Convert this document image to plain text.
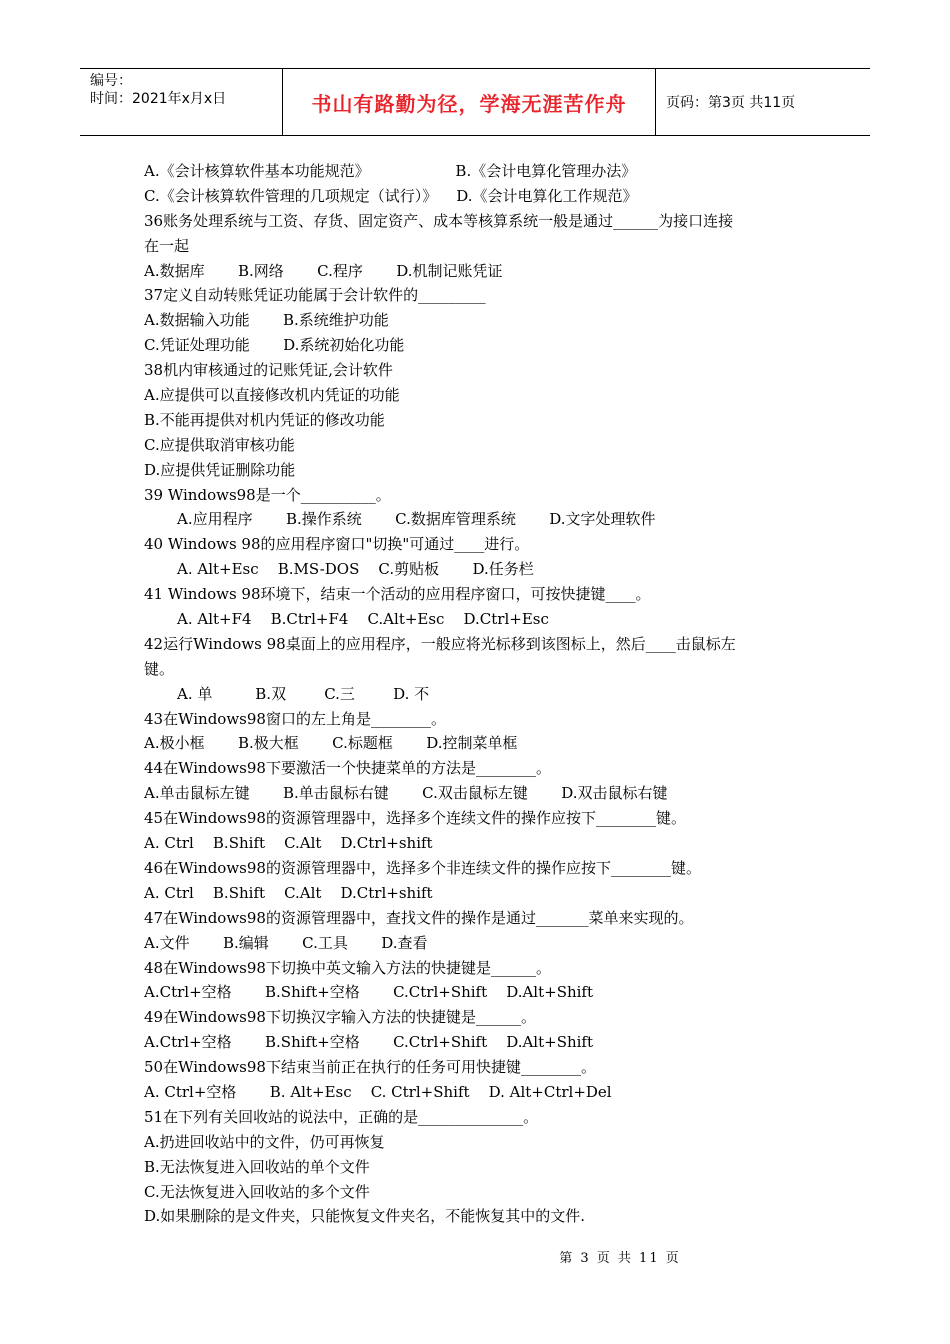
编号：
时间：2021年x月x日	书山有路勤为径，学海无涯苦作舟	页码：第3页 共11页
A.《会计核算软件基本功能规范》                  B.《会计电算化管理办法》
C.《会计核算软件管理的几项规定（试行）》    D.《会计电算化工作规范》
36账务处理系统与工资、存货、固定资产、成本等核算系统一般是通过______为接口连接
在一起
A.数据库       B.网络       C.程序       D.机制记账凭证
37定义自动转账凭证功能属于会计软件的_________
A.数据输入功能       B.系统维护功能
C.凭证处理功能       D.系统初始化功能
38机内审核通过的记账凭证,会计软件
A.应提供可以直接修改机内凭证的功能
B.不能再提供对机内凭证的修改功能
C.应提供取消审核功能
D.应提供凭证删除功能
39 Windows98是一个__________。
A.应用程序       B.操作系统       C.数据库管理系统       D.文字处理软件
40 Windows 98的应用程序窗口"切换"可通过____进行。
A. Alt+Esc    B.MS-DOS    C.剪贴板       D.任务栏
41 Windows 98环境下，结束一个活动的应用程序窗口，可按快捷键____。
A. Alt+F4    B.Ctrl+F4    C.Alt+Esc    D.Ctrl+Esc
42运行Windows 98桌面上的应用程序，一般应将光标移到该图标上，然后____击鼠标左
键。
A. 单         B.双        C.三        D. 不
43在Windows98窗口的左上角是________。
A.极小框       B.极大框       C.标题框       D.控制菜单框
44在Windows98下要激活一个快捷菜单的方法是________。
A.单击鼠标左键       B.单击鼠标右键       C.双击鼠标左键       D.双击鼠标右键
45在Windows98的资源管理器中，选择多个连续文件的操作应按下________键。
A. Ctrl    B.Shift    C.Alt    D.Ctrl+shift
46在Windows98的资源管理器中，选择多个非连续文件的操作应按下________键。
A. Ctrl    B.Shift    C.Alt    D.Ctrl+shift
47在Windows98的资源管理器中，查找文件的操作是通过_______菜单来实现的。
A.文件       B.编辑       C.工具       D.查看
48在Windows98下切换中英文输入方法的快捷键是______。
A.Ctrl+空格       B.Shift+空格       C.Ctrl+Shift    D.Alt+Shift
49在Windows98下切换汉字输入方法的快捷键是______。
A.Ctrl+空格       B.Shift+空格       C.Ctrl+Shift    D.Alt+Shift
50在Windows98下结束当前正在执行的任务可用快捷键________。
A. Ctrl+空格       B. Alt+Esc    C. Ctrl+Shift    D. Alt+Ctrl+Del
51在下列有关回收站的说法中，正确的是______________。
A.扔进回收站中的文件，仍可再恢复
B.无法恢复进入回收站的单个文件
C.无法恢复进入回收站的多个文件
D.如果删除的是文件夹，只能恢复文件夹名，不能恢复其中的文件.
第 3 页 共 11 页
